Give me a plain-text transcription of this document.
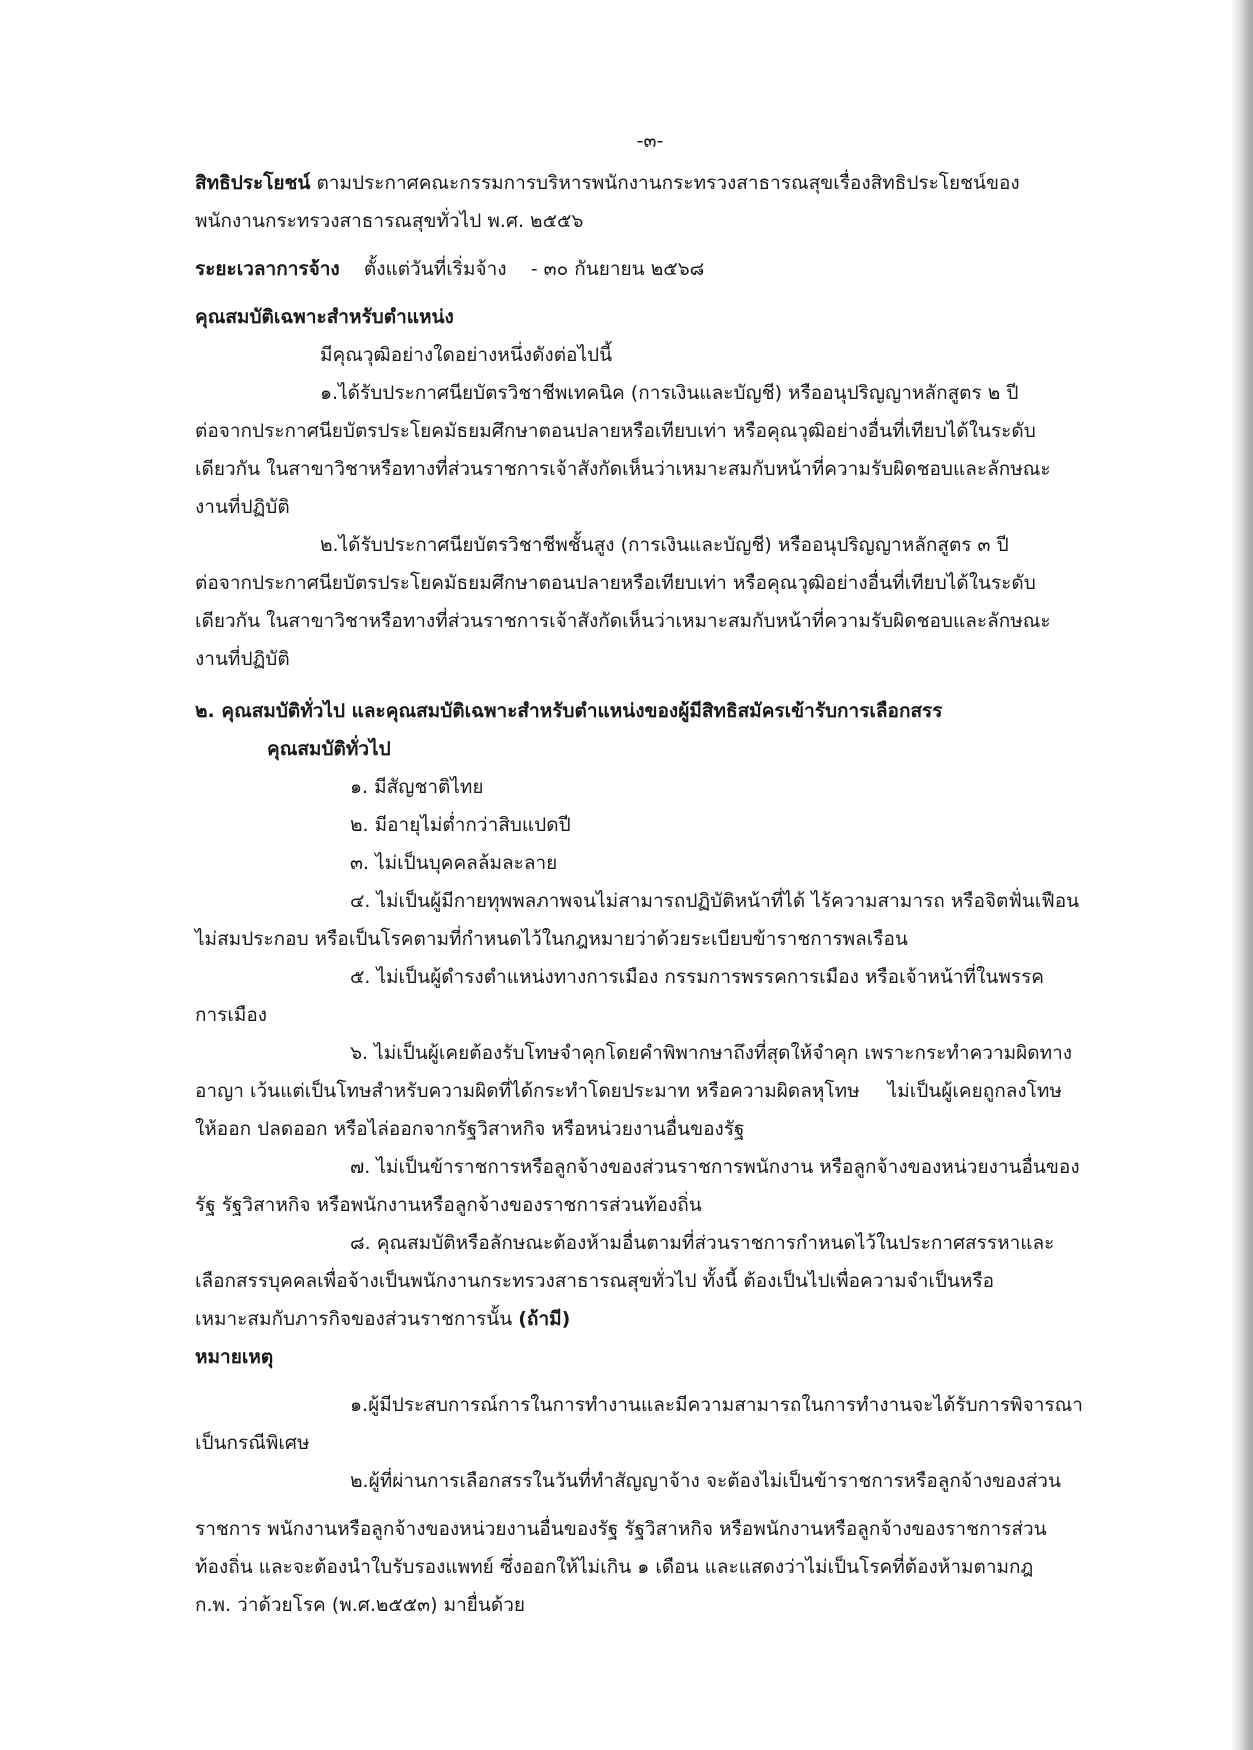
-๓-
สิทธิประโยชน์ ตามประกาศคณะกรรมการบริหารพนักงานกระทรวงสาธารณสุขเรื่องสิทธิประโยชน์ของ
พนักงานกระทรวงสาธารณสุขทั่วไป พ.ศ. ๒๕๕๖
ระยะเวลาการจ้าง ตั้งแต่วันที่เริ่มจ้าง - ๓๐ กันยายน ๒๕๖๘
คุณสมบัติเฉพาะสำหรับตำแหน่ง
มีคุณวุฒิอย่างใดอย่างหนึ่งดังต่อไปนี้
๑.ได้รับประกาศนียบัตรวิชาชีพเทคนิค (การเงินและบัญชี) หรืออนุปริญญาหลักสูตร ๒ ปี
ต่อจากประกาศนียบัตรประโยคมัธยมศึกษาตอนปลายหรือเทียบเท่า หรือคุณวุฒิอย่างอื่นที่เทียบได้ในระดับ
เดียวกัน ในสาขาวิชาหรือทางที่ส่วนราชการเจ้าสังกัดเห็นว่าเหมาะสมกับหน้าที่ความรับผิดชอบและลักษณะ
งานที่ปฏิบัติ
๒.ได้รับประกาศนียบัตรวิชาชีพชั้นสูง (การเงินและบัญชี) หรืออนุปริญญาหลักสูตร ๓ ปี
ต่อจากประกาศนียบัตรประโยคมัธยมศึกษาตอนปลายหรือเทียบเท่า หรือคุณวุฒิอย่างอื่นที่เทียบได้ในระดับ
เดียวกัน ในสาขาวิชาหรือทางที่ส่วนราชการเจ้าสังกัดเห็นว่าเหมาะสมกับหน้าที่ความรับผิดชอบและลักษณะ
งานที่ปฏิบัติ
๒. คุณสมบัติทั่วไป และคุณสมบัติเฉพาะสำหรับตำแหน่งของผู้มีสิทธิสมัครเข้ารับการเลือกสรร
คุณสมบัติทั่วไป
๑. มีสัญชาติไทย
๒. มีอายุไม่ต่ำกว่าสิบแปดปี
๓. ไม่เป็นบุคคลล้มละลาย
๔. ไม่เป็นผู้มีกายทุพพลภาพจนไม่สามารถปฏิบัติหน้าที่ได้ ไร้ความสามารถ หรือจิตฟั่นเฟือน
ไม่สมประกอบ หรือเป็นโรคตามที่กำหนดไว้ในกฎหมายว่าด้วยระเบียบข้าราชการพลเรือน
๕. ไม่เป็นผู้ดำรงตำแหน่งทางการเมือง กรรมการพรรคการเมือง หรือเจ้าหน้าที่ในพรรค
การเมือง
๖. ไม่เป็นผู้เคยต้องรับโทษจำคุกโดยคำพิพากษาถึงที่สุดให้จำคุก เพราะกระทำความผิดทาง
อาญา เว้นแต่เป็นโทษสำหรับความผิดที่ได้กระทำโดยประมาท หรือความผิดลหุโทษ ไม่เป็นผู้เคยถูกลงโทษ
ให้ออก ปลดออก หรือไล่ออกจากรัฐวิสาหกิจ หรือหน่วยงานอื่นของรัฐ
๗. ไม่เป็นข้าราชการหรือลูกจ้างของส่วนราชการพนักงาน หรือลูกจ้างของหน่วยงานอื่นของ
รัฐ รัฐวิสาหกิจ หรือพนักงานหรือลูกจ้างของราชการส่วนท้องถิ่น
๘. คุณสมบัติหรือลักษณะต้องห้ามอื่นตามที่ส่วนราชการกำหนดไว้ในประกาศสรรหาและ
เลือกสรรบุคคลเพื่อจ้างเป็นพนักงานกระทรวงสาธารณสุขทั่วไป ทั้งนี้ ต้องเป็นไปเพื่อความจำเป็นหรือ
เหมาะสมกับภารกิจของส่วนราชการนั้น (ถ้ามี)
หมายเหตุ
๑.ผู้มีประสบการณ์การในการทำงานและมีความสามารถในการทำงานจะได้รับการพิจารณา
เป็นกรณีพิเศษ
๒.ผู้ที่ผ่านการเลือกสรรในวันที่ทำสัญญาจ้าง จะต้องไม่เป็นข้าราชการหรือลูกจ้างของส่วน
ราชการ พนักงานหรือลูกจ้างของหน่วยงานอื่นของรัฐ รัฐวิสาหกิจ หรือพนักงานหรือลูกจ้างของราชการส่วน
ท้องถิ่น และจะต้องนำใบรับรองแพทย์ ซึ่งออกให้ไม่เกิน ๑ เดือน และแสดงว่าไม่เป็นโรคที่ต้องห้ามตามกฎ
ก.พ. ว่าด้วยโรค (พ.ศ.๒๕๕๓) มายื่นด้วย
